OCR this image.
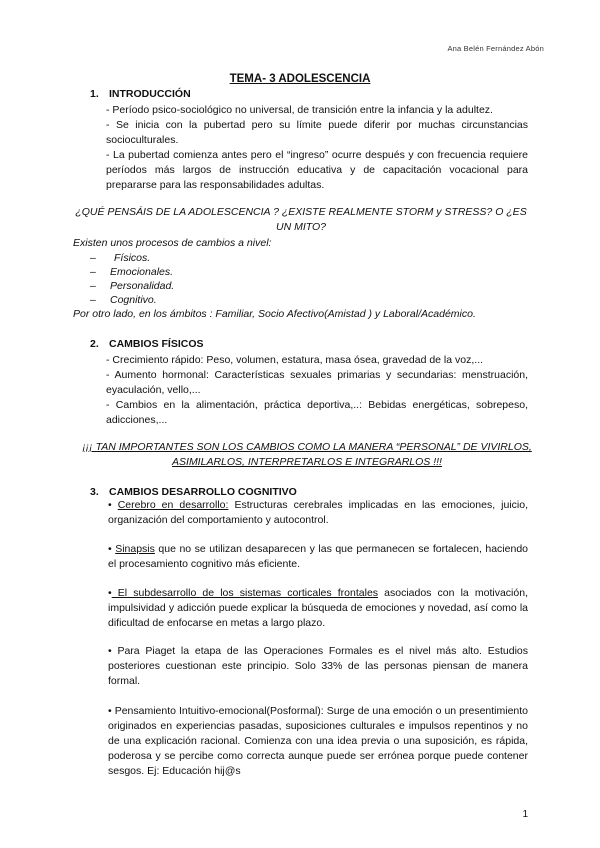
Ana Belén Fernández Abón
TEMA- 3 ADOLESCENCIA
1. INTRODUCCIÓN
- Período psico-sociológico no universal, de transición entre la infancia y la adultez.
- Se inicia con la pubertad pero su límite puede diferir por muchas circunstancias socioculturales.
- La pubertad comienza antes pero el “ingreso” ocurre después y con frecuencia requiere períodos más largos de instrucción educativa y de capacitación vocacional para prepararse para las responsabilidades adultas.
¿QUÉ PENSÁIS DE LA ADOLESCENCIA ? ¿EXISTE REALMENTE STORM y STRESS? O ¿ES UN MITO?
Existen unos procesos de cambios a nivel:
– Físicos.
– Emocionales.
– Personalidad.
– Cognitivo.
Por otro lado, en los ámbitos : Familiar, Socio Afectivo(Amistad ) y Laboral/Académico.
2. CAMBIOS FÍSICOS
- Crecimiento rápido: Peso, volumen, estatura, masa ósea, gravedad de la voz,...
- Aumento hormonal: Características sexuales primarias y secundarias: menstruación, eyaculación, vello,...
- Cambios en la alimentación, práctica deportiva,..: Bebidas energéticas, sobrepeso, adicciones,...
¡¡¡ TAN IMPORTANTES SON LOS CAMBIOS COMO LA MANERA “PERSONAL” DE VIVIRLOS, ASIMILARLOS, INTERPRETARLOS E INTEGRARLOS !!!
3. CAMBIOS DESARROLLO COGNITIVO
• Cerebro en desarrollo: Estructuras cerebrales implicadas en las emociones, juicio, organización del comportamiento y autocontrol.
• Sinapsis que no se utilizan desaparecen y las que permanecen se fortalecen, haciendo el procesamiento cognitivo más eficiente.
• El subdesarrollo de los sistemas corticales frontales asociados con la motivación, impulsividad y adicción puede explicar la búsqueda de emociones y novedad, así como la dificultad de enfocarse en metas a largo plazo.
• Para Piaget la etapa de las Operaciones Formales es el nivel más alto. Estudios posteriores cuestionan este principio. Solo 33% de las personas piensan de manera formal.
• Pensamiento Intuitivo-emocional(Posformal): Surge de una emoción o un presentimiento originados en experiencias pasadas, suposiciones culturales e impulsos repentinos y no de una explicación racional. Comienza con una idea previa o una suposición, es rápida, poderosa y se percibe como correcta aunque puede ser errónea porque puede contener sesgos. Ej: Educación hij@s
1
